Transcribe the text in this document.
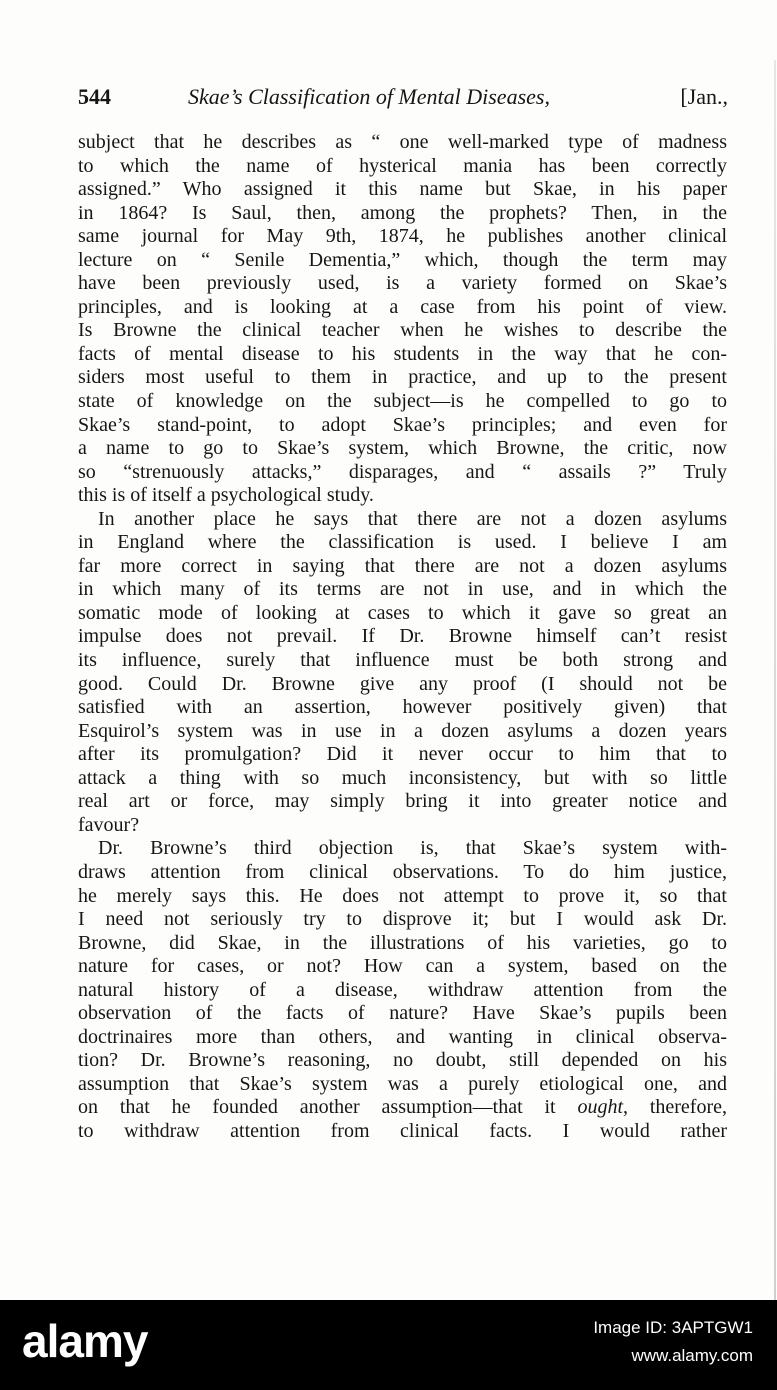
544	Skae’s Classification of Mental Diseases,	[Jan.,
subject that he describes as “ one well-marked type of madness
to which the name of hysterical mania has been correctly
assigned.” Who assigned it this name but Skae, in his paper
in 1864? Is Saul, then, among the prophets? Then, in the
same journal for May 9th, 1874, he publishes another clinical
lecture on “ Senile Dementia,” which, though the term may
have been previously used, is a variety formed on Skae’s
principles, and is looking at a case from his point of view.
Is Browne the clinical teacher when he wishes to describe the
facts of mental disease to his students in the way that he con-
siders most useful to them in practice, and up to the present
state of knowledge on the subject—is he compelled to go to
Skae’s stand-point, to adopt Skae’s principles; and even for
a name to go to Skae’s system, which Browne, the critic, now
so “strenuously attacks,” disparages, and “ assails ?” Truly
this is of itself a psychological study.
In another place he says that there are not a dozen asylums
in England where the classification is used. I believe I am
far more correct in saying that there are not a dozen asylums
in which many of its terms are not in use, and in which the
somatic mode of looking at cases to which it gave so great an
impulse does not prevail. If Dr. Browne himself can’t resist
its influence, surely that influence must be both strong and
good. Could Dr. Browne give any proof (I should not be
satisfied with an assertion, however positively given) that
Esquirol’s system was in use in a dozen asylums a dozen years
after its promulgation? Did it never occur to him that to
attack a thing with so much inconsistency, but with so little
real art or force, may simply bring it into greater notice and
favour?
Dr. Browne’s third objection is, that Skae’s system with-
draws attention from clinical observations. To do him justice,
he merely says this. He does not attempt to prove it, so that
I need not seriously try to disprove it; but I would ask Dr.
Browne, did Skae, in the illustrations of his varieties, go to
nature for cases, or not? How can a system, based on the
natural history of a disease, withdraw attention from the
observation of the facts of nature? Have Skae’s pupils been
doctrinaires more than others, and wanting in clinical observa-
tion? Dr. Browne’s reasoning, no doubt, still depended on his
assumption that Skae’s system was a purely etiological one, and
on that he founded another assumption—that it ought, therefore,
to withdraw attention from clinical facts. I would rather
alamy	Image ID: 3APTGW1
www.alamy.com
